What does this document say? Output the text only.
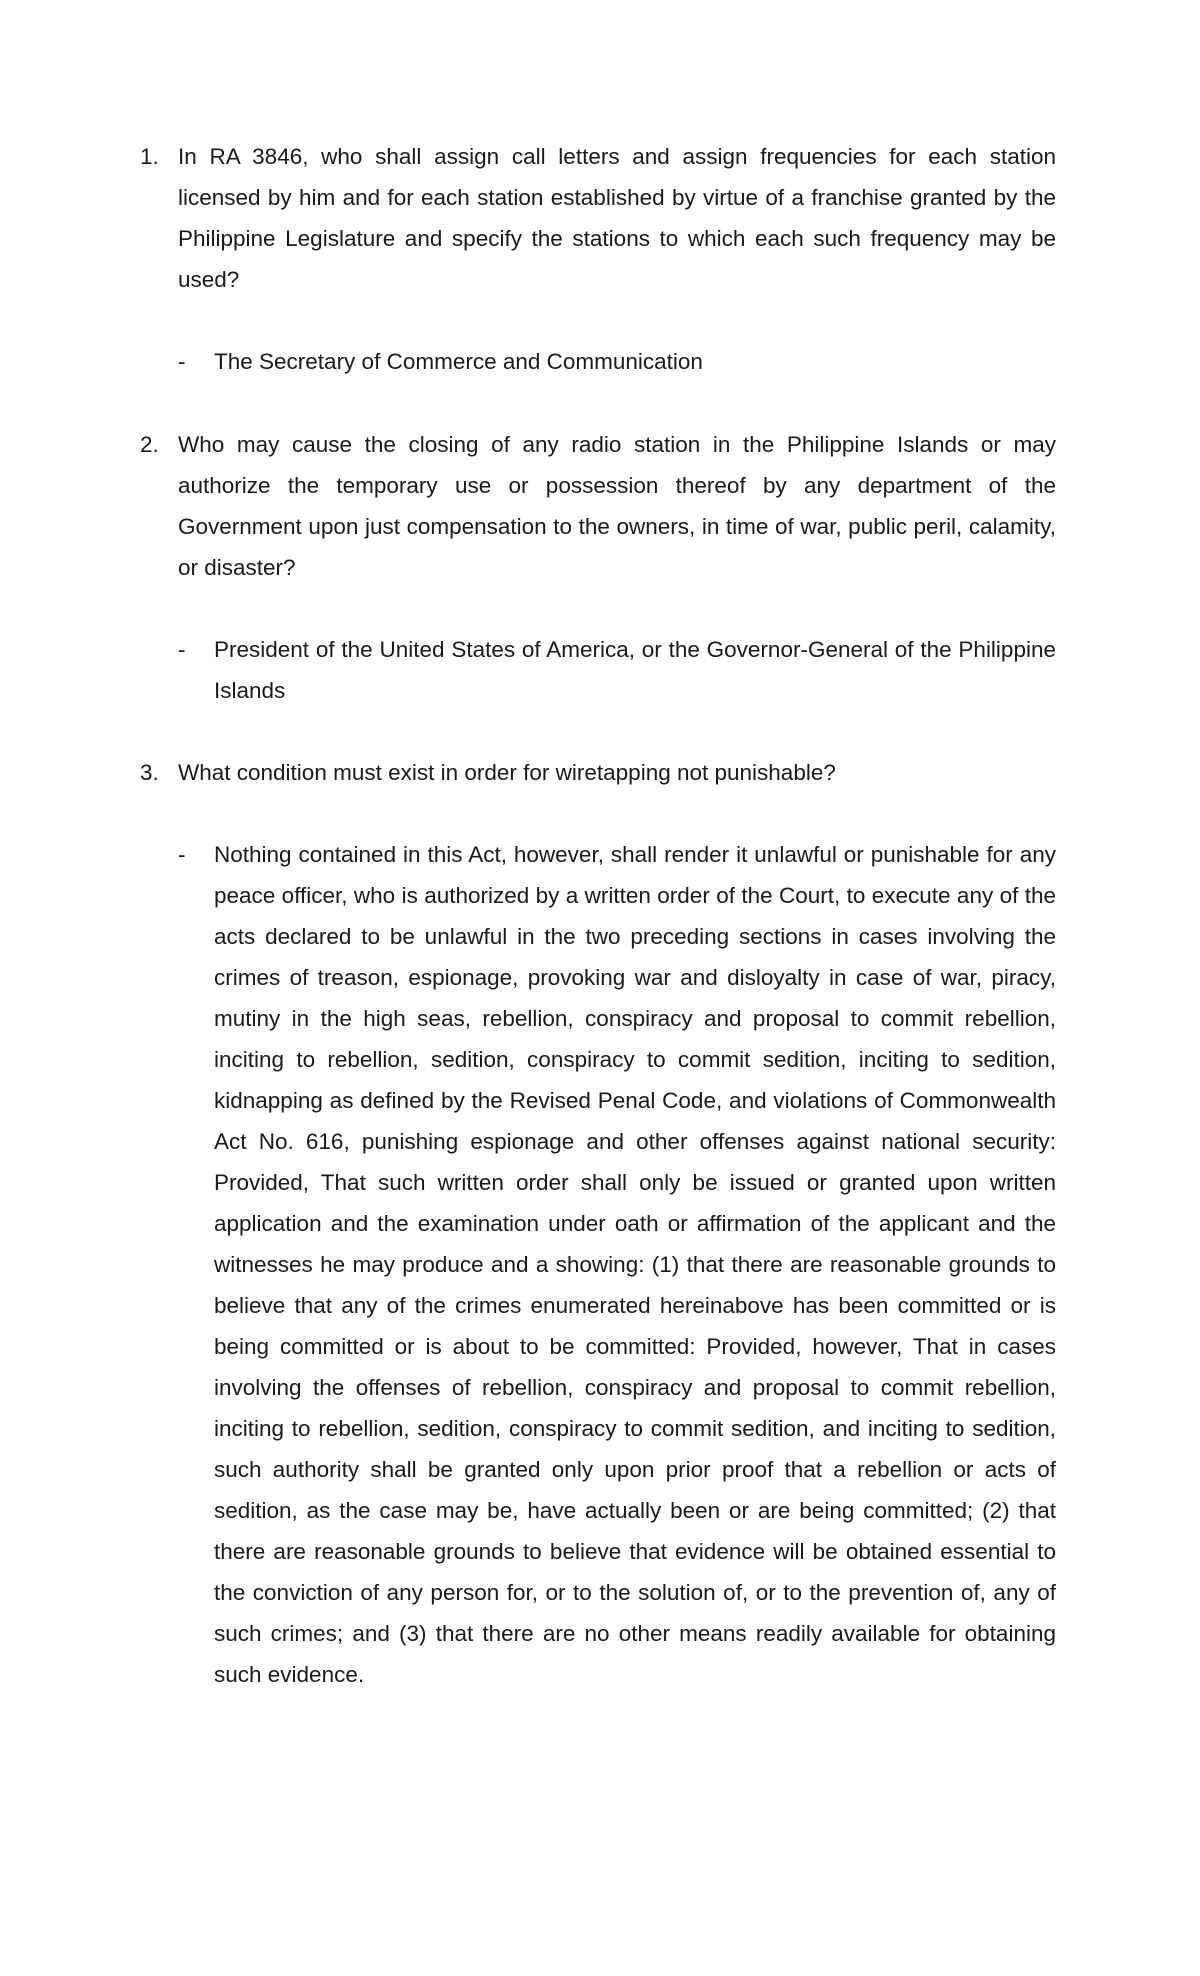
1. In RA 3846, who shall assign call letters and assign frequencies for each station licensed by him and for each station established by virtue of a franchise granted by the Philippine Legislature and specify the stations to which each such frequency may be used?
- The Secretary of Commerce and Communication
2. Who may cause the closing of any radio station in the Philippine Islands or may authorize the temporary use or possession thereof by any department of the Government upon just compensation to the owners, in time of war, public peril, calamity, or disaster?
- President of the United States of America, or the Governor-General of the Philippine Islands
3. What condition must exist in order for wiretapping not punishable?
- Nothing contained in this Act, however, shall render it unlawful or punishable for any peace officer, who is authorized by a written order of the Court, to execute any of the acts declared to be unlawful in the two preceding sections in cases involving the crimes of treason, espionage, provoking war and disloyalty in case of war, piracy, mutiny in the high seas, rebellion, conspiracy and proposal to commit rebellion, inciting to rebellion, sedition, conspiracy to commit sedition, inciting to sedition, kidnapping as defined by the Revised Penal Code, and violations of Commonwealth Act No. 616, punishing espionage and other offenses against national security: Provided, That such written order shall only be issued or granted upon written application and the examination under oath or affirmation of the applicant and the witnesses he may produce and a showing: (1) that there are reasonable grounds to believe that any of the crimes enumerated hereinabove has been committed or is being committed or is about to be committed: Provided, however, That in cases involving the offenses of rebellion, conspiracy and proposal to commit rebellion, inciting to rebellion, sedition, conspiracy to commit sedition, and inciting to sedition, such authority shall be granted only upon prior proof that a rebellion or acts of sedition, as the case may be, have actually been or are being committed; (2) that there are reasonable grounds to believe that evidence will be obtained essential to the conviction of any person for, or to the solution of, or to the prevention of, any of such crimes; and (3) that there are no other means readily available for obtaining such evidence.
